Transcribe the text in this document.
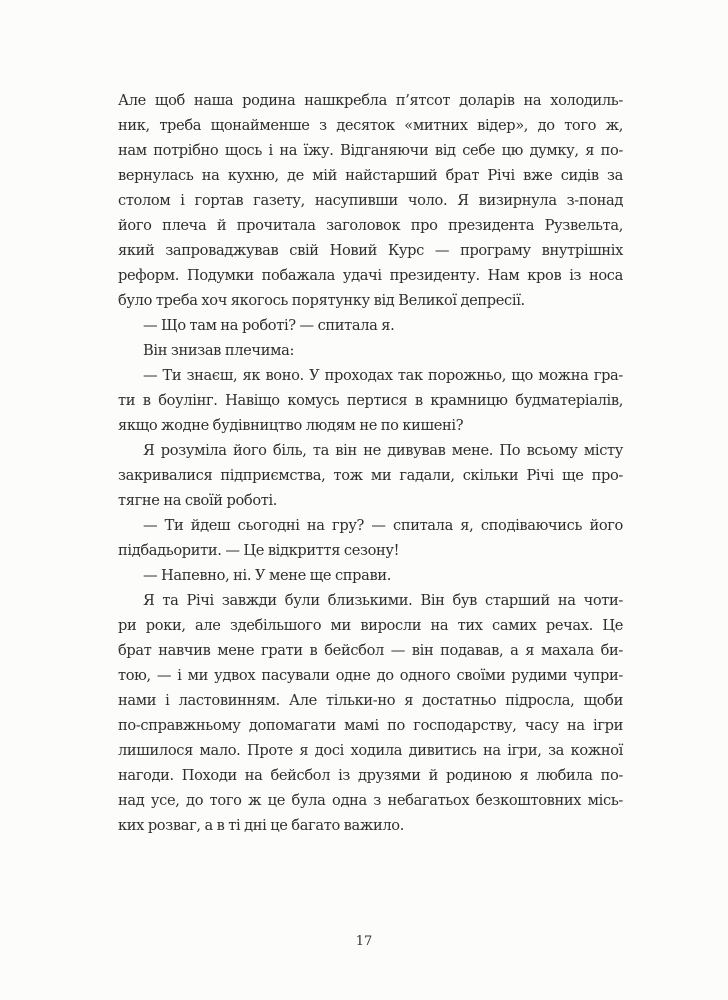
Але щоб наша родина нашкребла п’ятсот доларів на холодиль-
ник, треба щонайменше з десяток «митних відер», до того ж,
нам потрібно щось і на їжу. Відганяючи від себе цю думку, я по-
вернулась на кухню, де мій найстарший брат Річі вже сидів за
столом і гортав газету, насупивши чоло. Я визирнула з-понад
його плеча й прочитала заголовок про президента Рузвельта,
який запроваджував свій Новий Курс — програму внутрішніх
реформ. Подумки побажала удачі президенту. Нам кров із носа
було треба хоч якогось порятунку від Великої депресії.
— Що там на роботі? — спитала я.
Він знизав плечима:
— Ти знаєш, як воно. У проходах так порожньо, що можна гра-
ти в боулінг. Навіщо комусь пертися в крамницю будматеріалів,
якщо жодне будівництво людям не по кишені?
Я розуміла його біль, та він не дивував мене. По всьому місту
закривалися підприємства, тож ми гадали, скільки Річі ще про-
тягне на своїй роботі.
— Ти йдеш сьогодні на гру? — спитала я, сподіваючись його
підбадьорити. — Це відкриття сезону!
— Напевно, ні. У мене ще справи.
Я та Річі завжди були близькими. Він був старший на чоти-
ри роки, але здебільшого ми виросли на тих самих речах. Це
брат навчив мене грати в бейсбол — він подавав, а я махала би-
тою, — і ми удвох пасували одне до одного своїми рудими чупри-
нами і ластовинням. Але тільки-но я достатньо підросла, щоби
по-справжньому допомагати мамі по господарству, часу на ігри
лишилося мало. Проте я досі ходила дивитись на ігри, за кожної
нагоди. Походи на бейсбол із друзями й родиною я любила по-
над усе, до того ж це була одна з небагатьох безкоштовних місь-
ких розваг, а в ті дні це багато важило.
17
